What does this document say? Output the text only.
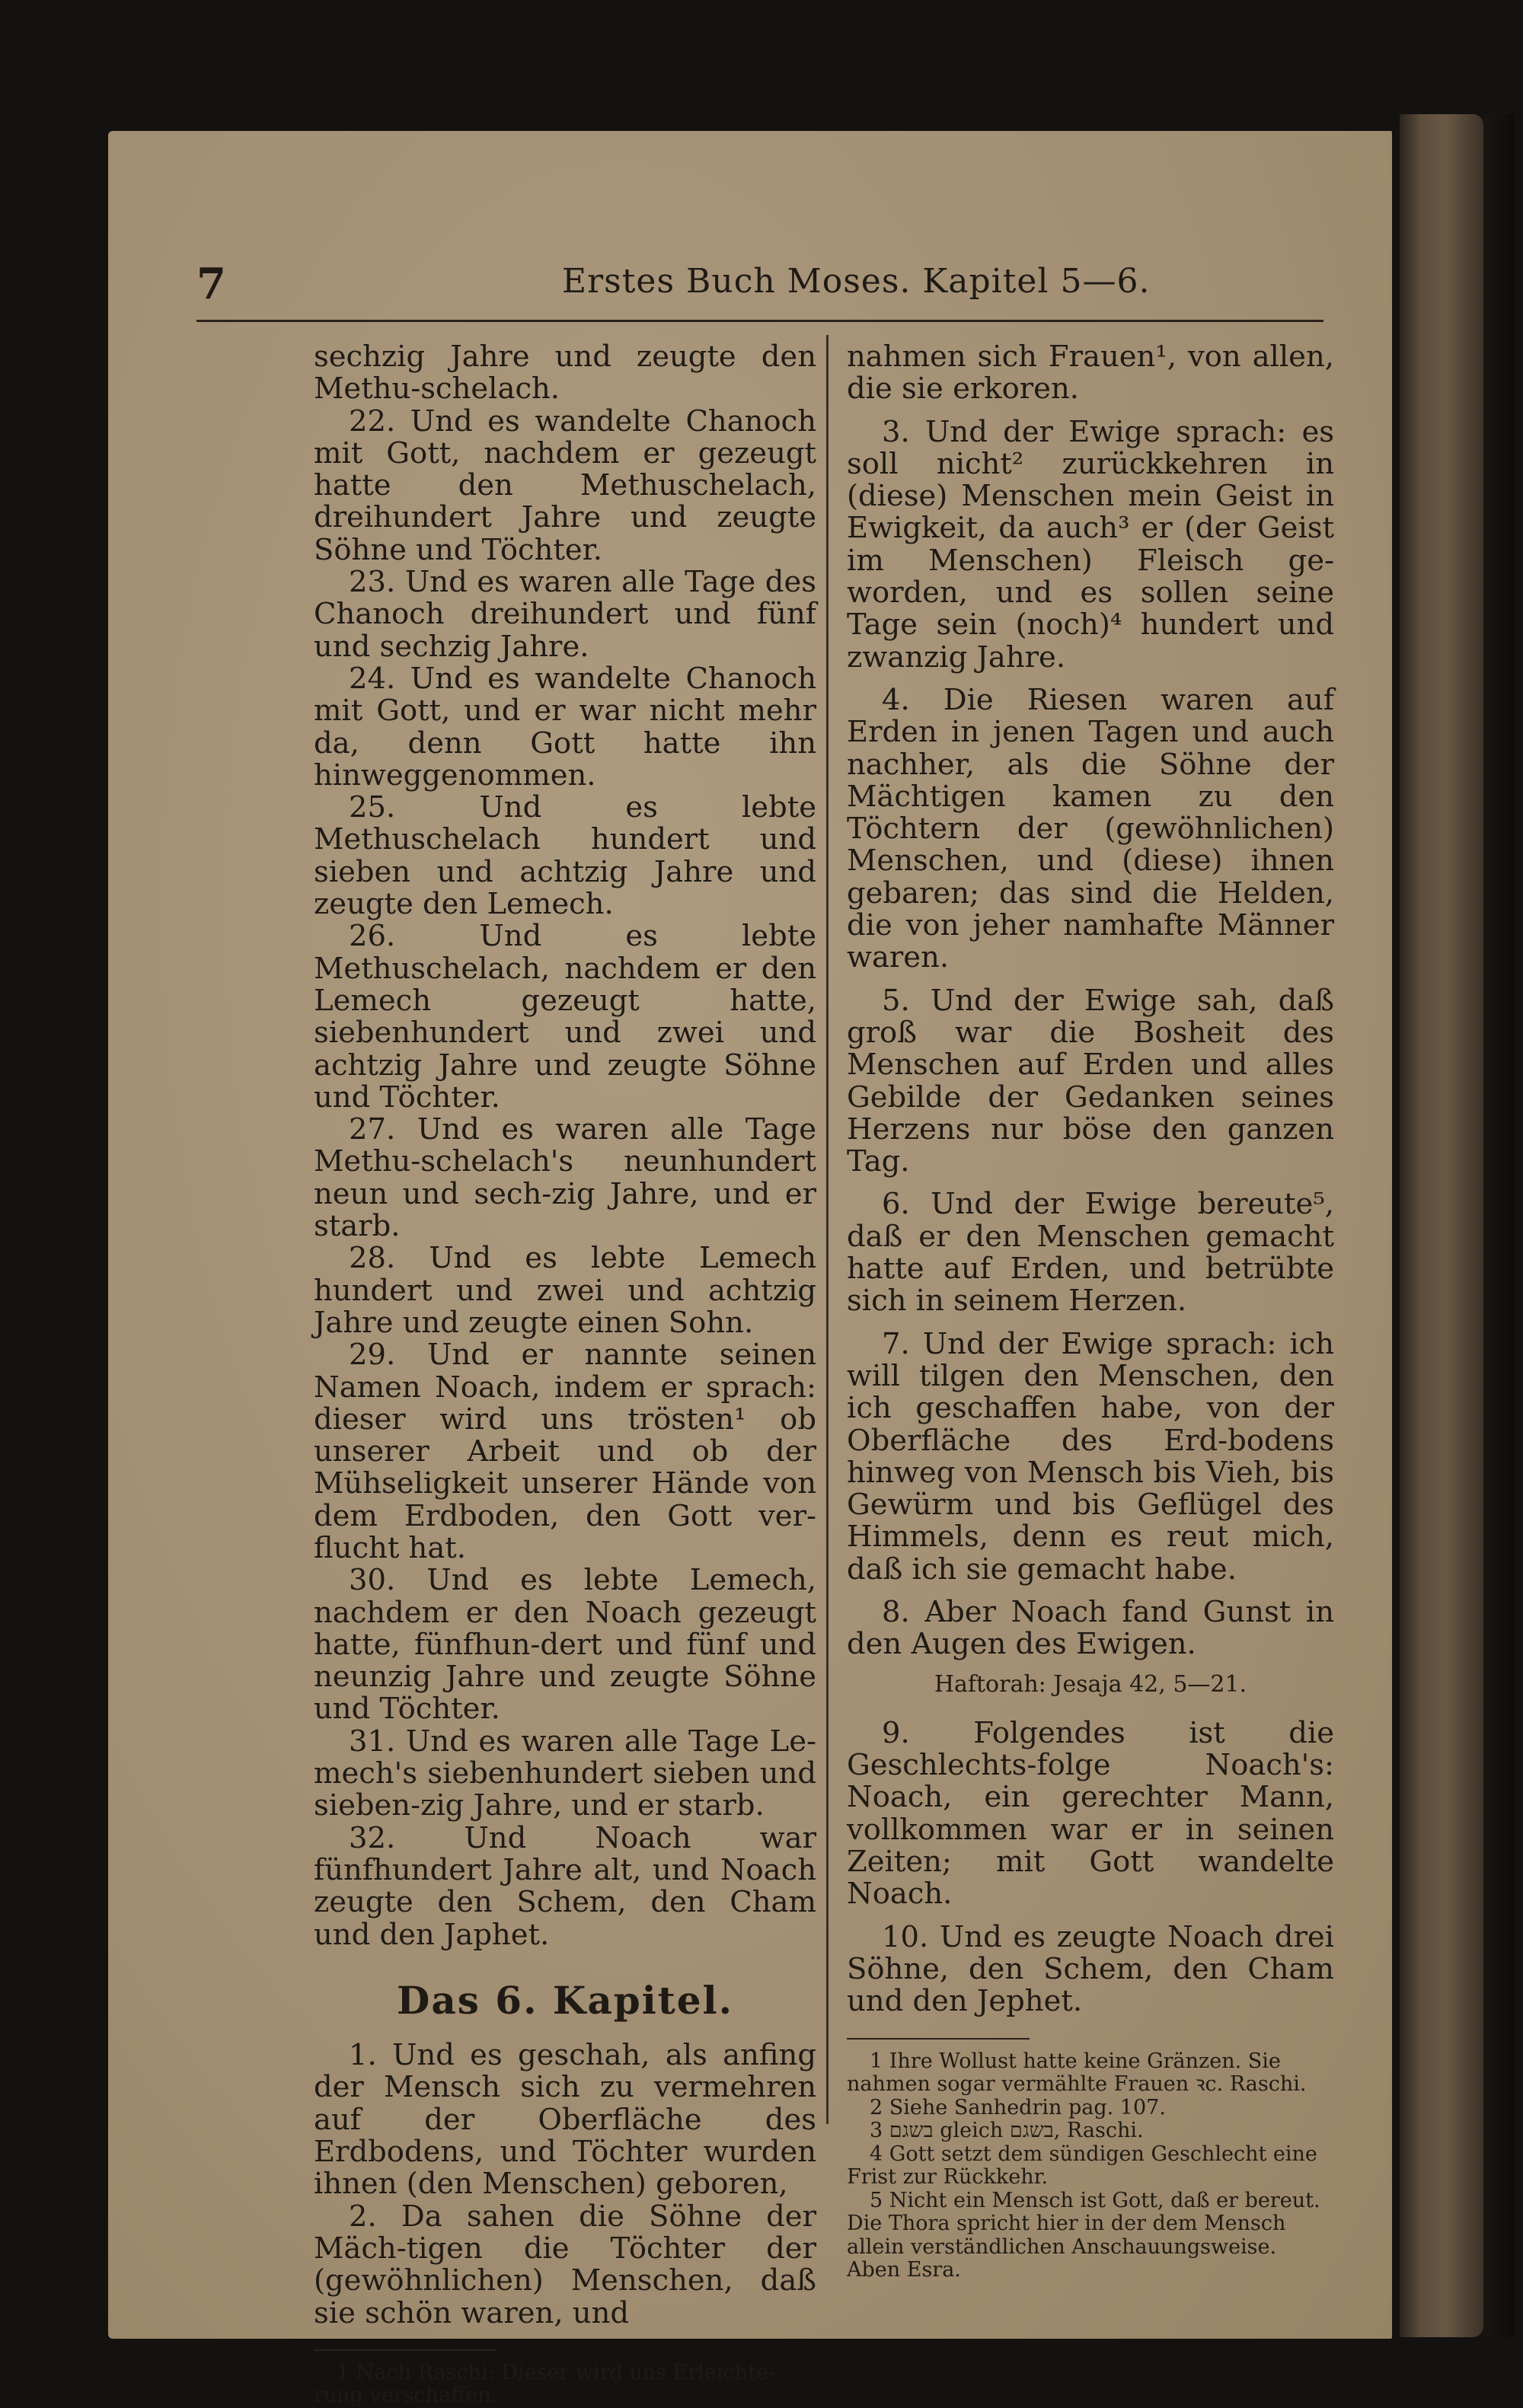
7	Erstes Buch Moses. Kapitel 5—6.

sechzig Jahre und zeugte den Methu-schelach.

22. Und es wandelte Chanoch mit Gott, nachdem er gezeugt hatte den Methuschelach, dreihundert Jahre und zeugte Söhne und Töchter.

23. Und es waren alle Tage des Chanoch dreihundert und fünf und sechzig Jahre.

24. Und es wandelte Chanoch mit Gott, und er war nicht mehr da, denn Gott hatte ihn hinweggenommen.

25. Und es lebte Methuschelach hundert und sieben und achtzig Jahre und zeugte den Lemech.

26. Und es lebte Methuschelach, nachdem er den Lemech gezeugt hatte, siebenhundert und zwei und achtzig Jahre und zeugte Söhne und Töchter.

27. Und es waren alle Tage Methu-schelach's neunhundert neun und sech-zig Jahre, und er starb.

28. Und es lebte Lemech hundert und zwei und achtzig Jahre und zeugte einen Sohn.

29. Und er nannte seinen Namen Noach, indem er sprach: dieser wird uns trösten¹ ob unserer Arbeit und ob der Mühseligkeit unserer Hände von dem Erdboden, den Gott ver-flucht hat.

30. Und es lebte Lemech, nachdem er den Noach gezeugt hatte, fünfhun-dert und fünf und neunzig Jahre und zeugte Söhne und Töchter.

31. Und es waren alle Tage Le-mech's siebenhundert sieben und sieben-zig Jahre, und er starb.

32. Und Noach war fünfhundert Jahre alt, und Noach zeugte den Schem, den Cham und den Japhet.

Das 6. Kapitel.

1. Und es geschah, als anfing der Mensch sich zu vermehren auf der Oberfläche des Erdbodens, und Töchter wurden ihnen (den Menschen) geboren,

2. Da sahen die Söhne der Mäch-tigen die Töchter der (gewöhnlichen) Menschen, daß sie schön waren, und

1 Nach Raschi: Dieser wird uns Erleichte-rung verschaffen.

nahmen sich Frauen¹, von allen, die sie erkoren.

3. Und der Ewige sprach: es soll nicht² zurückkehren in (diese) Menschen mein Geist in Ewigkeit, da auch³ er (der Geist im Menschen) Fleisch ge-worden, und es sollen seine Tage sein (noch)⁴ hundert und zwanzig Jahre.

4. Die Riesen waren auf Erden in jenen Tagen und auch nachher, als die Söhne der Mächtigen kamen zu den Töchtern der (gewöhnlichen) Menschen, und (diese) ihnen gebaren; das sind die Helden, die von jeher namhafte Männer waren.

5. Und der Ewige sah, daß groß war die Bosheit des Menschen auf Erden und alles Gebilde der Gedanken seines Herzens nur böse den ganzen Tag.

6. Und der Ewige bereute⁵, daß er den Menschen gemacht hatte auf Erden, und betrübte sich in seinem Herzen.

7. Und der Ewige sprach: ich will tilgen den Menschen, den ich geschaffen habe, von der Oberfläche des Erd-bodens hinweg von Mensch bis Vieh, bis Gewürm und bis Geflügel des Himmels, denn es reut mich, daß ich sie gemacht habe.

8. Aber Noach fand Gunst in den Augen des Ewigen.

Haftorah: Jesaja 42, 5—21.

9. Folgendes ist die Geschlechts-folge Noach's: Noach, ein gerechter Mann, vollkommen war er in seinen Zeiten; mit Gott wandelte Noach.

10. Und es zeugte Noach drei Söhne, den Schem, den Cham und den Jephet.

1 Ihre Wollust hatte keine Gränzen. Sie nahmen sogar vermählte Frauen ꝛc. Raschi.

2 Siehe Sanhedrin pag. 107.

3 בשגם gleich בשגם, Raschi.

4 Gott setzt dem sündigen Geschlecht eine Frist zur Rückkehr.

5 Nicht ein Mensch ist Gott, daß er bereut. Die Thora spricht hier in der dem Mensch allein verständlichen Anschauungsweise. Aben Esra.
